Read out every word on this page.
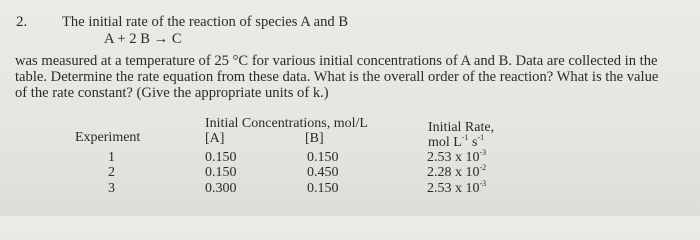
2. The initial rate of the reaction of species A and B
A + 2 B → C
was measured at a temperature of 25 °C for various initial concentrations of A and B. Data are collected in the
table. Determine the rate equation from these data. What is the overall order of the reaction? What is the value
of the rate constant? (Give the appropriate units of k.)
Experiment
Initial Concentrations, mol/L
[A]	[B]
Initial Rate,
mol $L^{-1}$ $s^{-1}$
1	0.150	0.150	2.53 x $10^{-3}$
2	0.150	0.450	2.28 x $10^{-2}$
3	0.300	0.150	2.53 x $10^{-3}$
